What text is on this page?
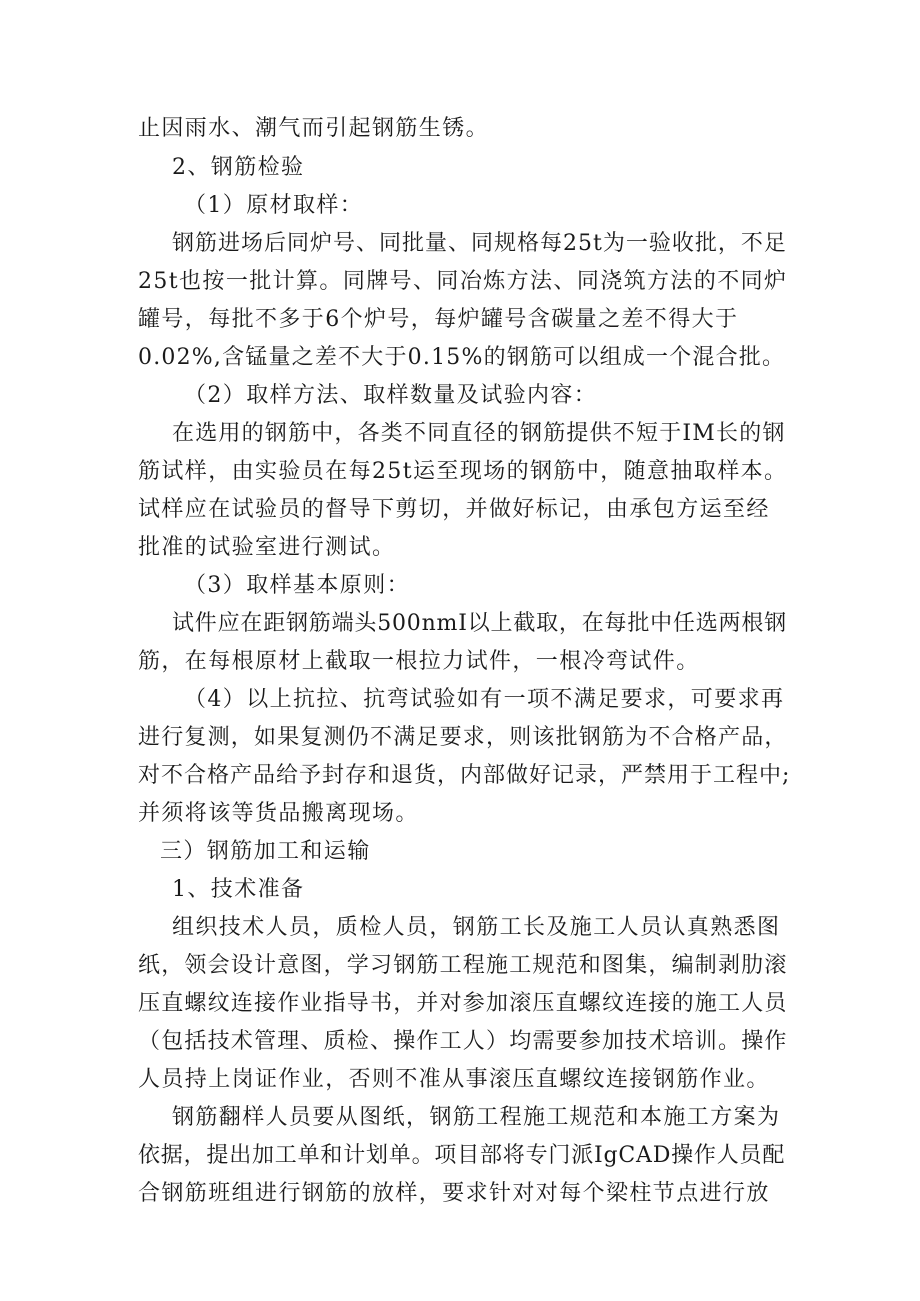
止因雨水、潮气而引起钢筋生锈。
2、钢筋检验
（1）原材取样：
钢筋进场后同炉号、同批量、同规格每25t为一验收批，不足
25t也按一批计算。同牌号、同冶炼方法、同浇筑方法的不同炉
罐号，每批不多于6个炉号，每炉罐号含碳量之差不得大于
0.02%,含锰量之差不大于0.15%的钢筋可以组成一个混合批。
（2）取样方法、取样数量及试验内容：
在选用的钢筋中，各类不同直径的钢筋提供不短于IM长的钢
筋试样，由实验员在每25t运至现场的钢筋中，随意抽取样本。
试样应在试验员的督导下剪切，并做好标记，由承包方运至经
批准的试验室进行测试。
（3）取样基本原则：
试件应在距钢筋端头500nmI以上截取，在每批中任选两根钢
筋，在每根原材上截取一根拉力试件，一根冷弯试件。
（4）以上抗拉、抗弯试验如有一项不满足要求，可要求再
进行复测，如果复测仍不满足要求，则该批钢筋为不合格产品，
对不合格产品给予封存和退货，内部做好记录，严禁用于工程中;
并须将该等货品搬离现场。
三）钢筋加工和运输
1、技术准备
组织技术人员，质检人员，钢筋工长及施工人员认真熟悉图
纸，领会设计意图，学习钢筋工程施工规范和图集，编制剥肋滚
压直螺纹连接作业指导书，并对参加滚压直螺纹连接的施工人员
（包括技术管理、质检、操作工人）均需要参加技术培训。操作
人员持上岗证作业，否则不准从事滚压直螺纹连接钢筋作业。
钢筋翻样人员要从图纸，钢筋工程施工规范和本施工方案为
依据，提出加工单和计划单。项目部将专门派IgCAD操作人员配
合钢筋班组进行钢筋的放样，要求针对对每个梁柱节点进行放
